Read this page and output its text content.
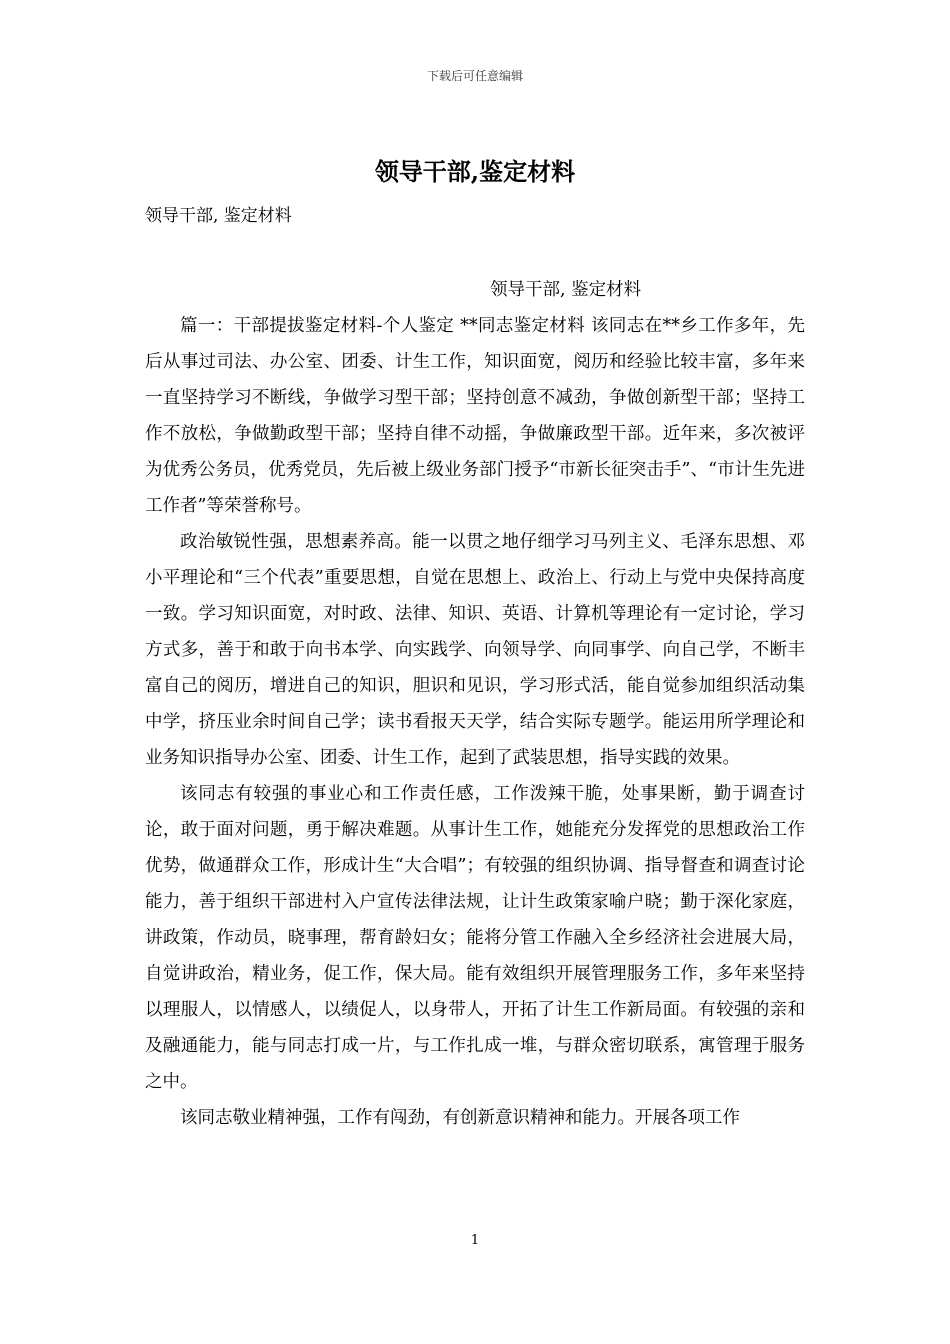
下载后可任意编辑
领导干部,鉴定材料
领导干部, 鉴定材料

领导干部, 鉴定材料

篇一：干部提拔鉴定材料-个人鉴定 **同志鉴定材料 该同志在**乡工作多年，先后从事过司法、办公室、团委、计生工作，知识面宽，阅历和经验比较丰富，多年来一直坚持学习不断线，争做学习型干部；坚持创意不减劲，争做创新型干部；坚持工作不放松，争做勤政型干部；坚持自律不动摇，争做廉政型干部。近年来，多次被评为优秀公务员，优秀党员，先后被上级业务部门授予“市新长征突击手”、“市计生先进工作者”等荣誉称号。

政治敏锐性强，思想素养高。能一以贯之地仔细学习马列主义、毛泽东思想、邓小平理论和“三个代表”重要思想，自觉在思想上、政治上、行动上与党中央保持高度一致。学习知识面宽，对时政、法律、知识、英语、计算机等理论有一定讨论，学习方式多，善于和敢于向书本学、向实践学、向领导学、向同事学、向自己学，不断丰富自己的阅历，增进自己的知识，胆识和见识，学习形式活，能自觉参加组织活动集中学，挤压业余时间自己学；读书看报天天学，结合实际专题学。能运用所学理论和业务知识指导办公室、团委、计生工作，起到了武装思想，指导实践的效果。

该同志有较强的事业心和工作责任感，工作泼辣干脆，处事果断，勤于调查讨论，敢于面对问题，勇于解决难题。从事计生工作，她能充分发挥党的思想政治工作优势，做通群众工作，形成计生“大合唱”；有较强的组织协调、指导督查和调查讨论能力，善于组织干部进村入户宣传法律法规，让计生政策家喻户晓；勤于深化家庭，讲政策，作动员，晓事理，帮育龄妇女；能将分管工作融入全乡经济社会进展大局，自觉讲政治，精业务，促工作，保大局。能有效组织开展管理服务工作，多年来坚持以理服人，以情感人，以绩促人，以身带人，开拓了计生工作新局面。有较强的亲和及融通能力，能与同志打成一片，与工作扎成一堆，与群众密切联系，寓管理于服务之中。

该同志敬业精神强，工作有闯劲，有创新意识精神和能力。开展各项工作

1
